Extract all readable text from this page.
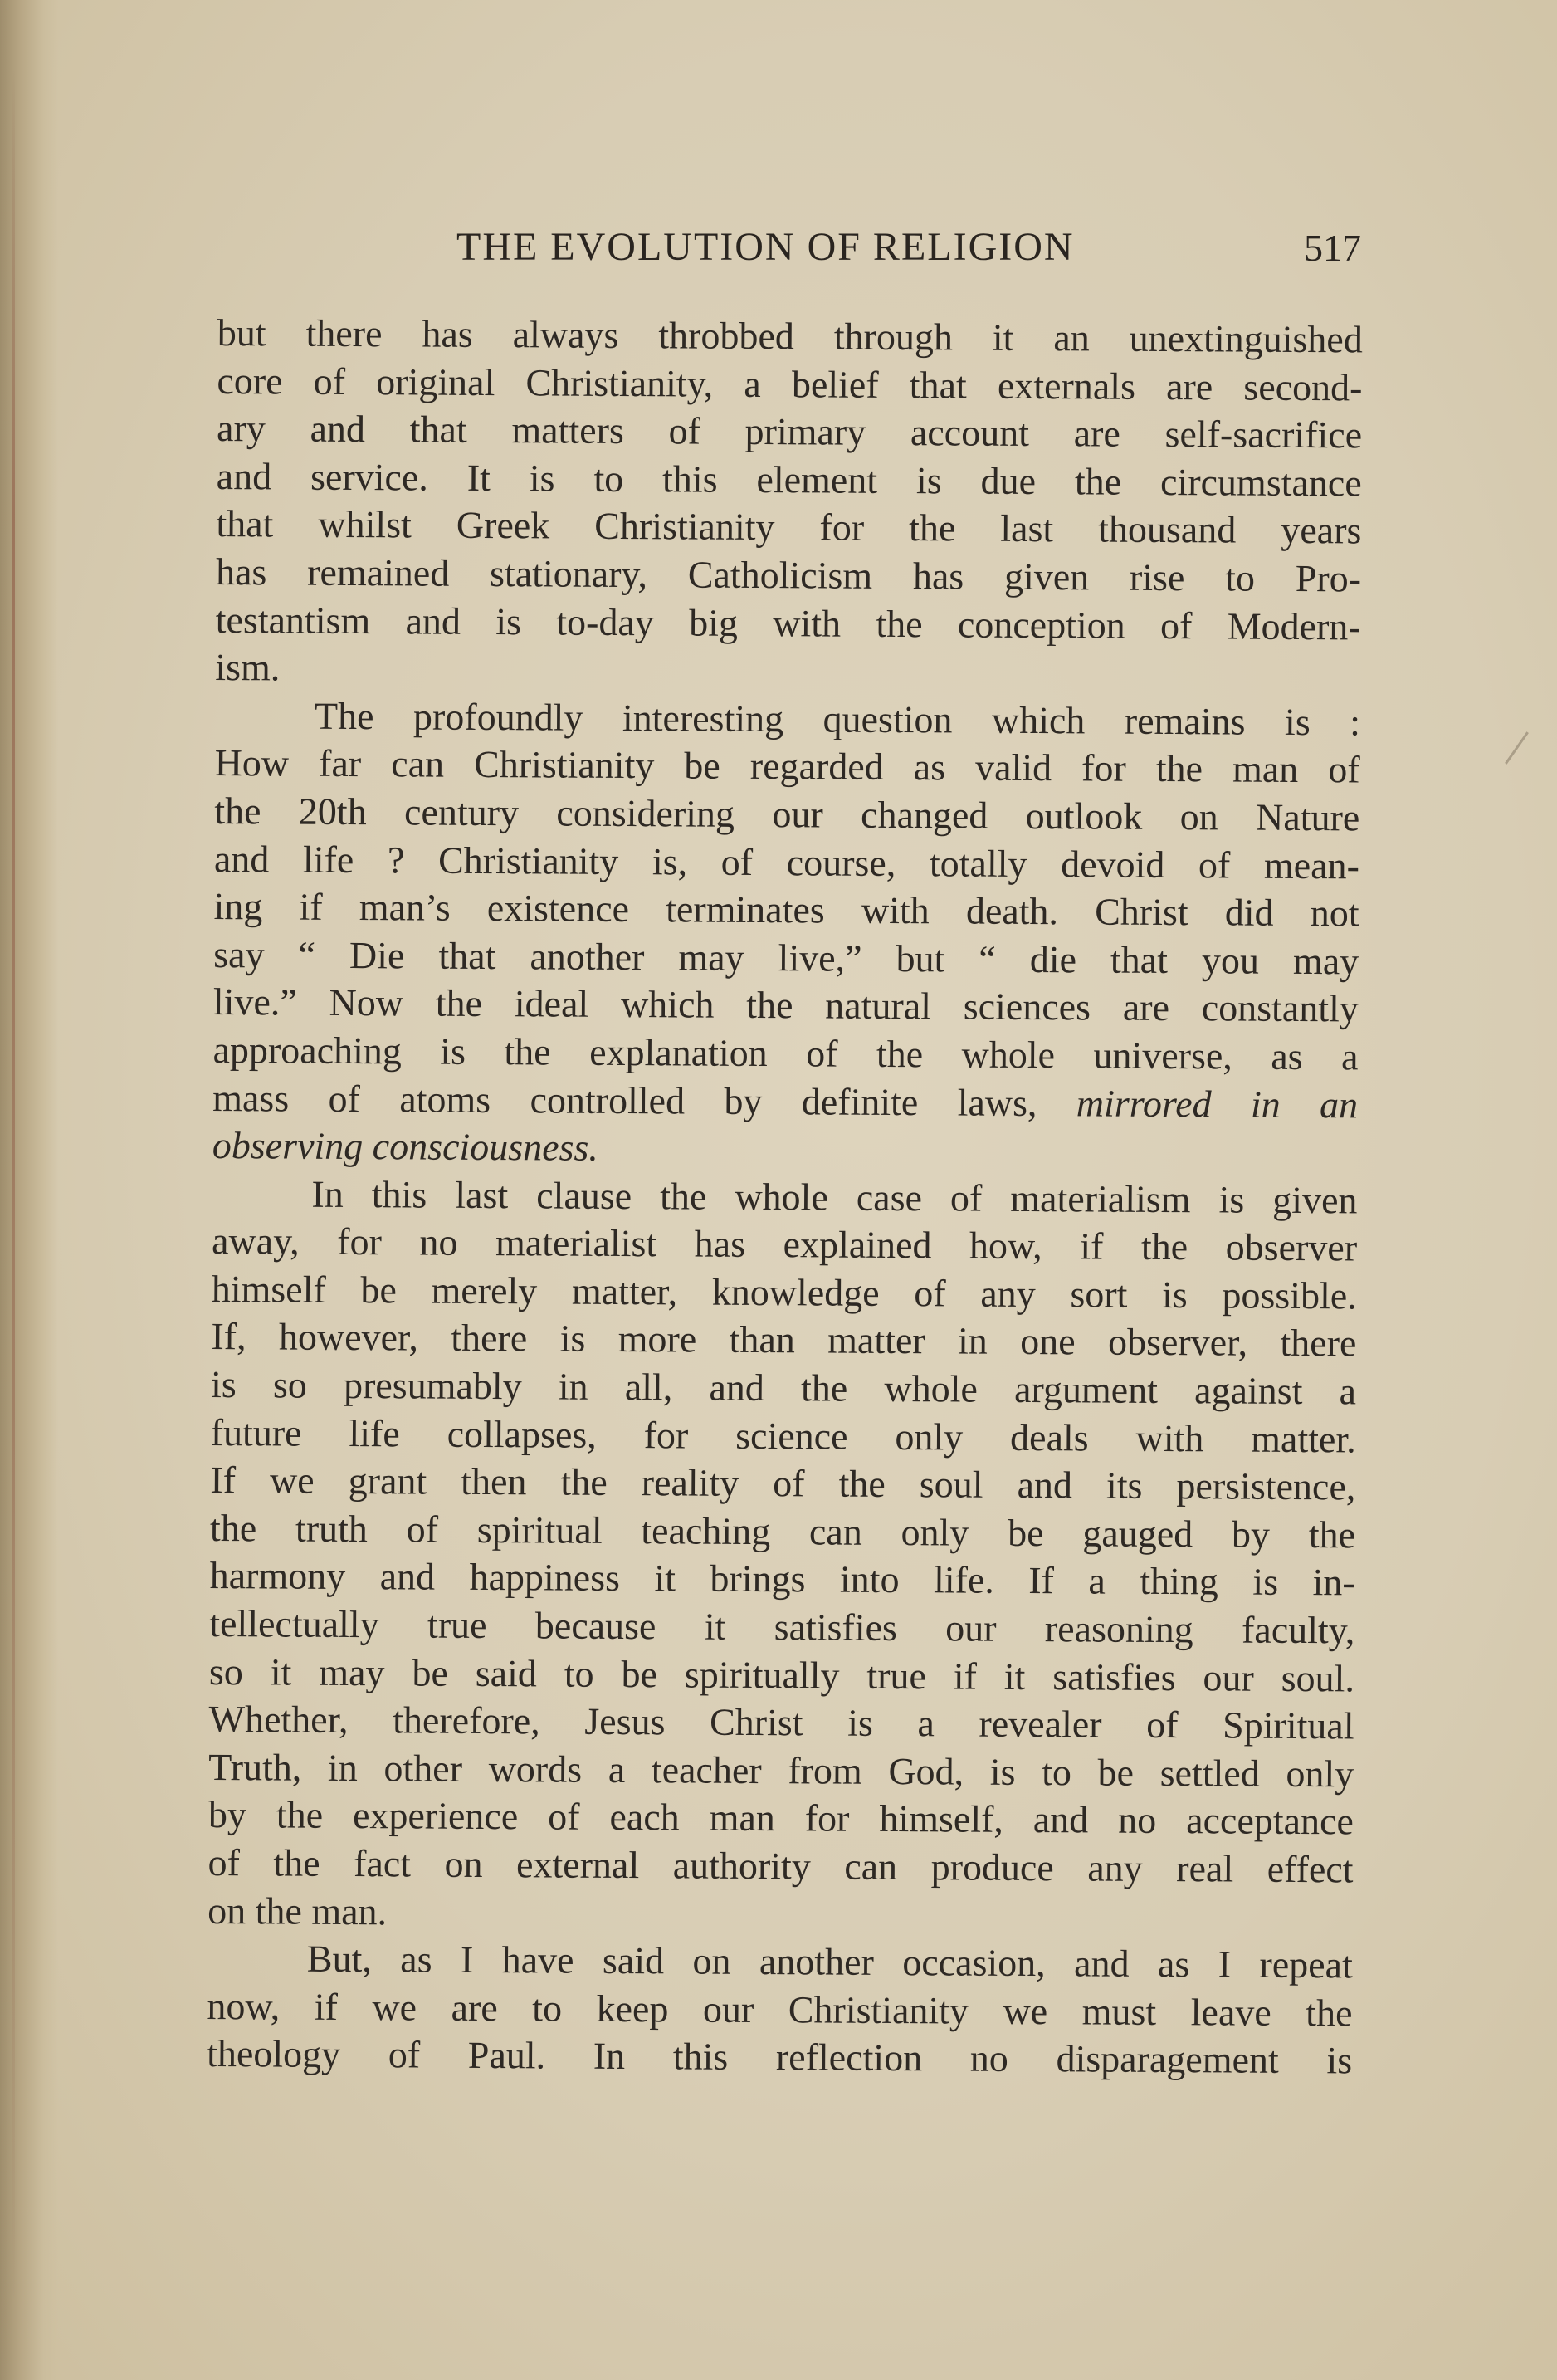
THE EVOLUTION OF RELIGION	517
but there has always throbbed through it an unextinguished
core of original Christianity, a belief that externals are second-
ary and that matters of primary account are self-sacrifice
and service. It is to this element is due the circumstance
that whilst Greek Christianity for the last thousand years
has remained stationary, Catholicism has given rise to Pro-
testantism and is to-day big with the conception of Modern-
ism.
The profoundly interesting question which remains is :
How far can Christianity be regarded as valid for the man of
the 20th century considering our changed outlook on Nature
and life ? Christianity is, of course, totally devoid of mean-
ing if man’s existence terminates with death. Christ did not
say “ Die that another may live,” but “ die that you may
live.” Now the ideal which the natural sciences are constantly
approaching is the explanation of the whole universe, as a
mass of atoms controlled by definite laws, mirrored in an
observing consciousness.
In this last clause the whole case of materialism is given
away, for no materialist has explained how, if the observer
himself be merely matter, knowledge of any sort is possible.
If, however, there is more than matter in one observer, there
is so presumably in all, and the whole argument against a
future life collapses, for science only deals with matter.
If we grant then the reality of the soul and its persistence,
the truth of spiritual teaching can only be gauged by the
harmony and happiness it brings into life. If a thing is in-
tellectually true because it satisfies our reasoning faculty,
so it may be said to be spiritually true if it satisfies our soul.
Whether, therefore, Jesus Christ is a revealer of Spiritual
Truth, in other words a teacher from God, is to be settled only
by the experience of each man for himself, and no acceptance
of the fact on external authority can produce any real effect
on the man.
But, as I have said on another occasion, and as I repeat
now, if we are to keep our Christianity we must leave the
theology of Paul. In this reflection no disparagement is
